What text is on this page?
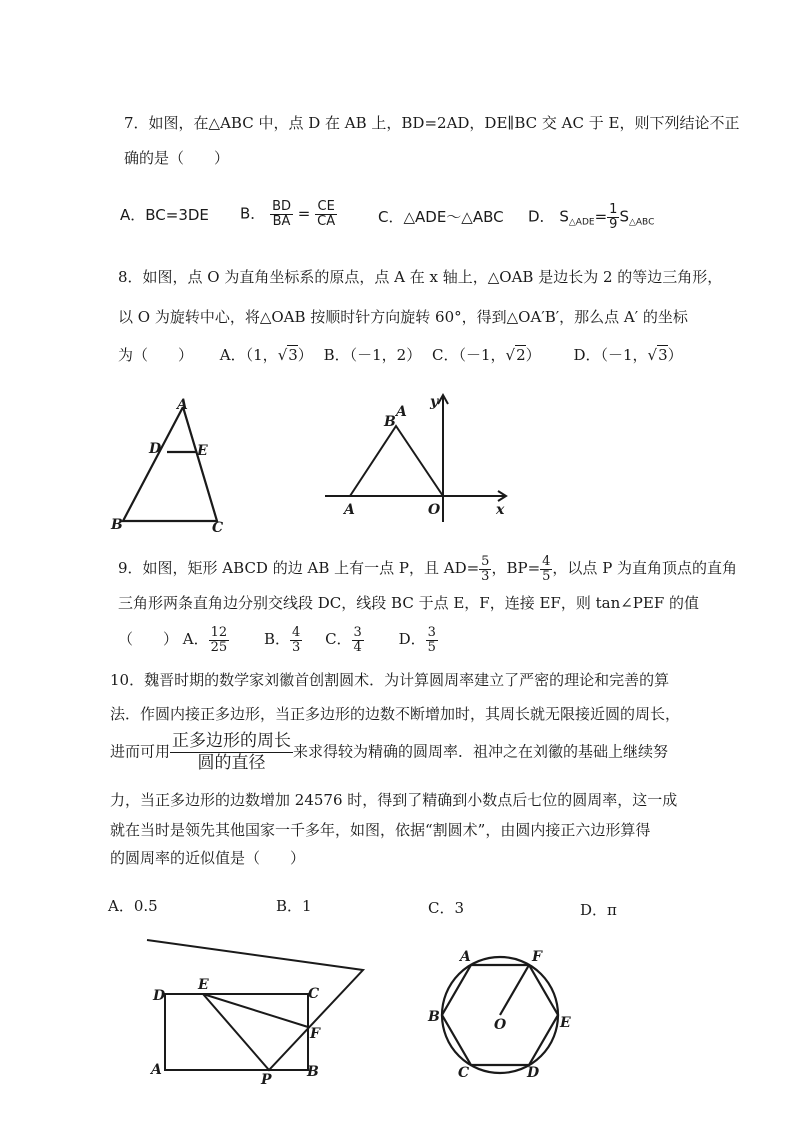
7．如图，在△ABC 中，点 D 在 AB 上，BD=2AD，DE∥BC 交 AC 于 E，则下列结论不正
确的是（　　）
A．BC=3DE B． $\frac{BD}{BA} = \frac{CE}{CA}$	C．△ADE～△ABC D． $S_{\triangle ADE}= \frac{1}{9} S_{\triangle ABC}$
8．如图，点 O 为直角坐标系的原点，点 A 在 x 轴上，△OAB 是边长为 2 的等边三角形，
以 O 为旋转中心，将△OAB 按顺时针方向旋转 60°，得到△OA′B′，那么点 A′ 的坐标
为（　　） A．（1，√3） B．（－1，2） C．（－1，√2） D．（－1，√3）
A
D	E
B	C
A
B
y
A	O	x
9．如图，矩形 ABCD 的边 AB 上有一点 P，且 $AD= \frac{5}{3}$ ，$BP= \frac{4}{5}$ ，以点 P 为直角顶点的直角
三角形两条直角边分别交线段 DC，线段 BC 于点 E，F，连接 EF，则 tan∠PEF 的值
（　　） A． $\frac{12}{25}$ B． $\frac{4}{3}$ C． $\frac{3}{4}$ D． $\frac{3}{5}$
10．魏晋时期的数学家刘徽首创割圆术．为计算圆周率建立了严密的理论和完善的算
法．作圆内接正多边形，当正多边形的边数不断增加时，其周长就无限接近圆的周长，
进而可用 $\frac{\text{正多边形的周长}}{\text{圆的直径}}$ 来求得较为精确的圆周率．祖冲之在刘徽的基础上继续努
力，当正多边形的边数增加 24576 时，得到了精确到小数点后七位的圆周率，这一成
就在当时是领先其他国家一千多年，如图，依据“割圆术”，由圆内接正六边形算得
的圆周率的近似值是（　　）
A．0.5	B．1	C．3	D．π
D
E
C
F
A
P	B
A	F
B	O	E
C	D
